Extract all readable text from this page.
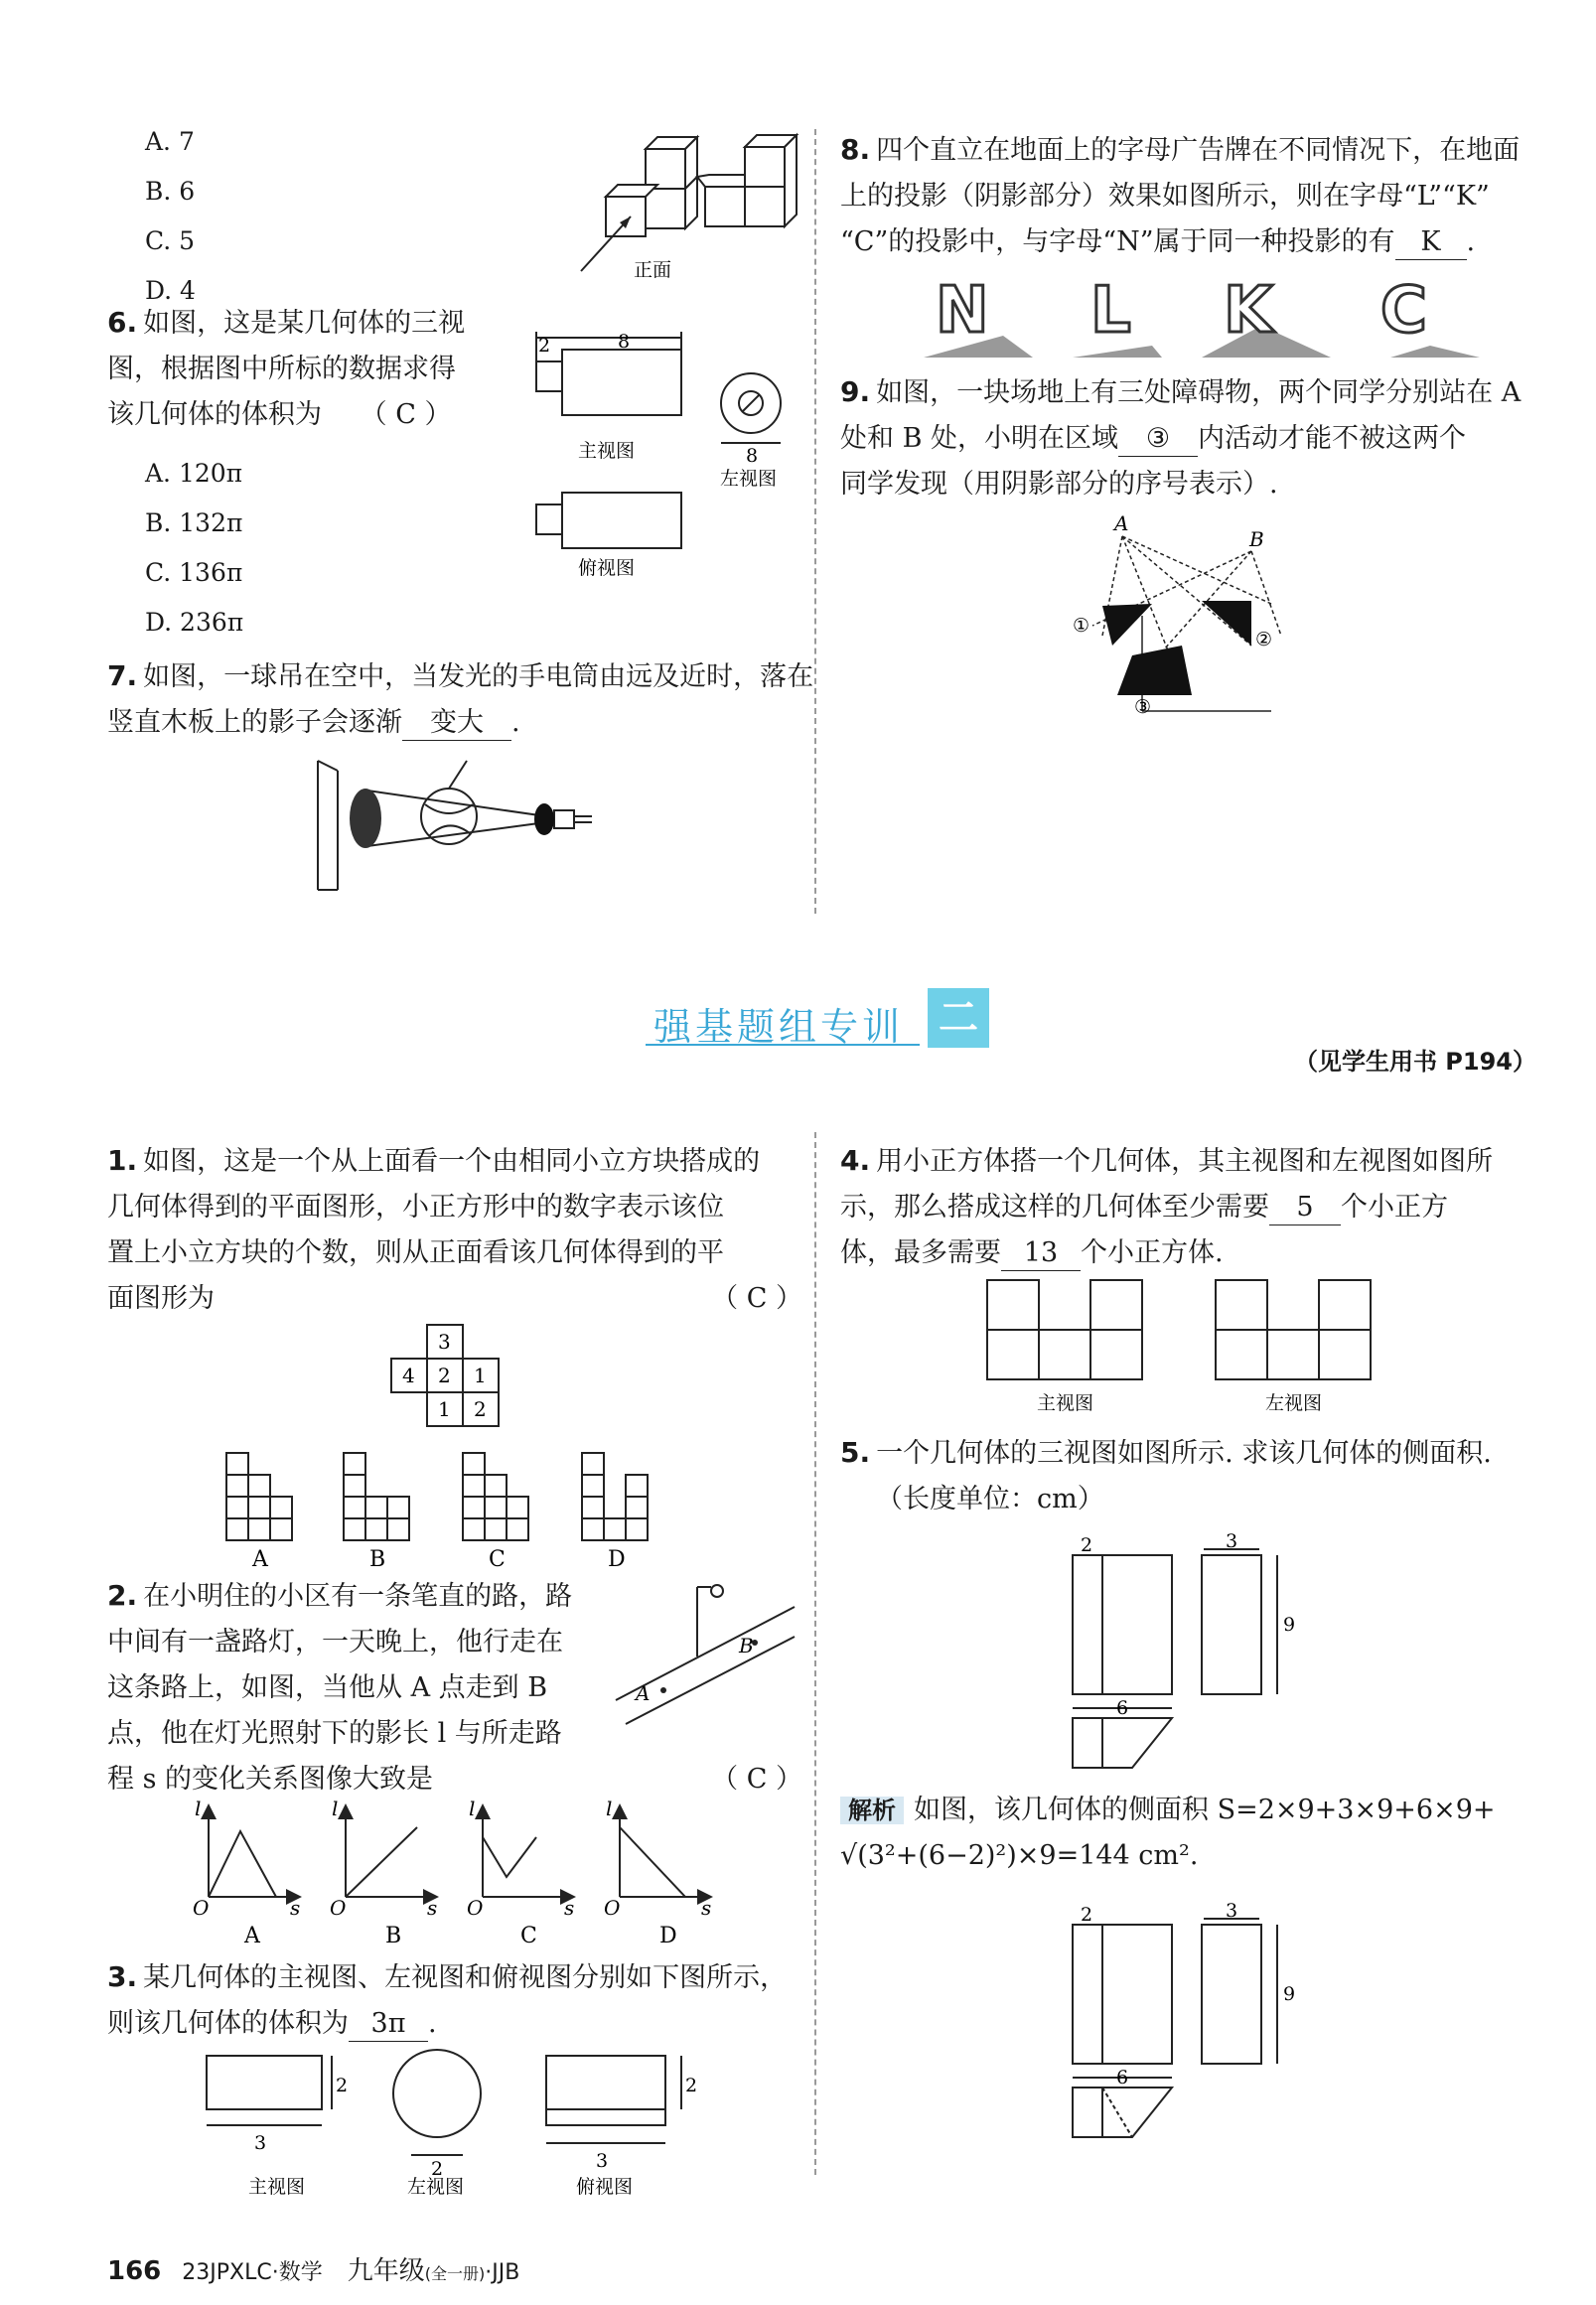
A. 7
B. 6
C. 5
D. 4
正面
6. 如图，这是某几何体的三视
图，根据图中所标的数据求得
该几何体的体积为 （ C ）
A. 120π
B. 132π
C. 136π
D. 236π
2	8
8
主视图
左视图
俯视图
7. 如图，一球吊在空中，当发光的手电筒由远及近时，落在
竖直木板上的影子会逐渐 变大 .
8. 四个直立在地面上的字母广告牌在不同情况下，在地面
上的投影（阴影部分）效果如图所示，则在字母“L”“K”
“C”的投影中，与字母“N”属于同一种投影的有 K .
N L K C
9. 如图，一块场地上有三处障碍物，两个同学分别站在 A
处和 B 处，小明在区域 ③ 内活动才能不被这两个
同学发现（用阴影部分的序号表示）.
A
B
①
②
③
强基题组专训 二
（见学生用书 P194）
1. 如图，这是一个从上面看一个由相同小立方块搭成的
几何体得到的平面图形，小正方形中的数字表示该位
置上小立方块的个数，则从正面看该几何体得到的平
面图形为	（ C ）
3
4 2 1
1 2
A	B	C	D
2. 在小明住的小区有一条笔直的路，路
中间有一盏路灯，一天晚上，他行走在
这条路上，如图，当他从 A 点走到 B
点，他在灯光照射下的影长 l 与所走路
程 s 的变化关系图像大致是	（ C ）
A
B
l
O	s
l
O	s
l
O	s
l
O	s
A	B	C	D
3. 某几何体的主视图、左视图和俯视图分别如下图所示，
则该几何体的体积为 3π .
2
3
2
2
3
主视图	左视图	俯视图
4. 用小正方体搭一个几何体，其主视图和左视图如图所
示，那么搭成这样的几何体至少需要 5 个小正方
体，最多需要 13 个小正方体.
主视图	左视图
5. 一个几何体的三视图如图所示. 求该几何体的侧面积.
（长度单位：cm）
2	3
9
6
解析 如图，该几何体的侧面积 S=2×9+3×9+6×9+
√(3²+(6−2)²)×9=144 cm².
2	3
9
6
166 23JPXLC·数学 九年级(全一册)·JJB
